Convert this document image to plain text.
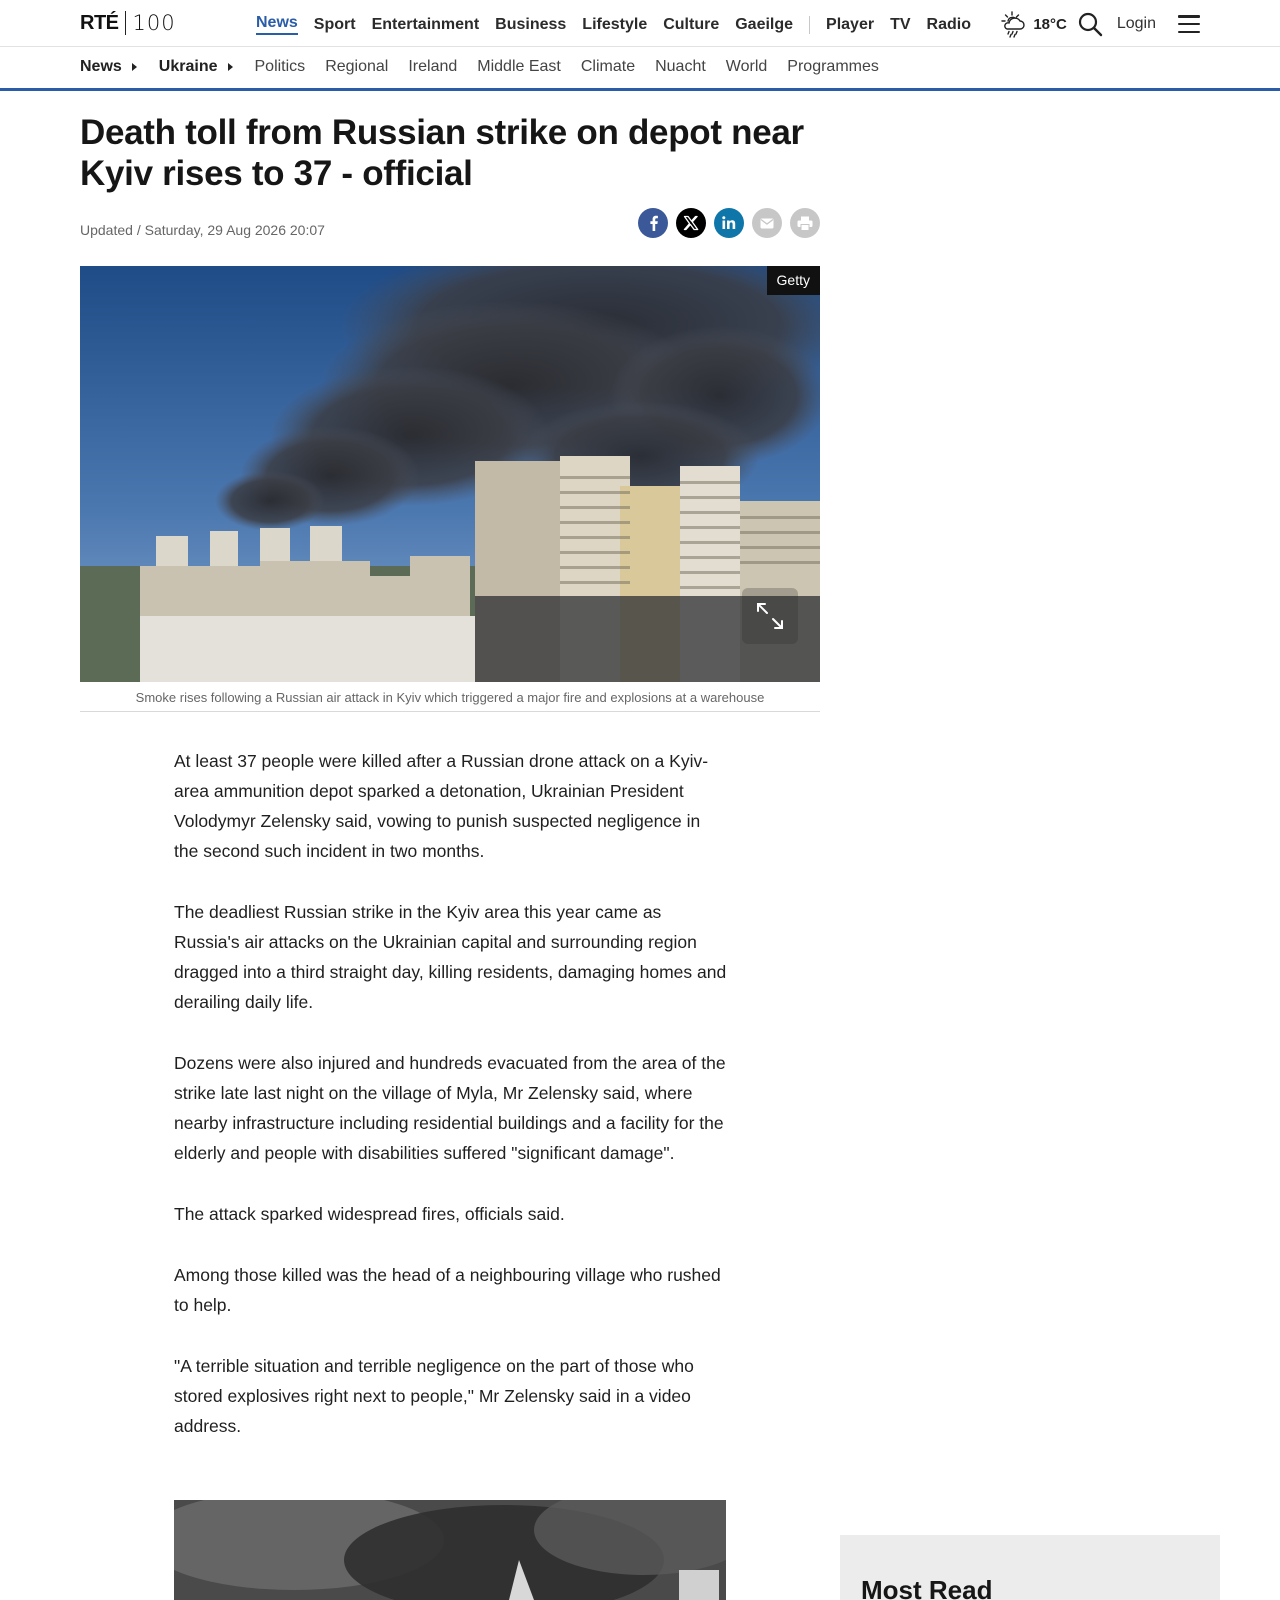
RTÉ 100	News Sport Entertainment Business Lifestyle Culture Gaeilge Player TV Radio	18°C	Login
News Ukraine Politics Regional Ireland Middle East Climate Nuacht World Programmes
Death toll from Russian strike on depot near Kyiv rises to 37 - official
Updated / Saturday, 29 Aug 2026 20:07
Getty
Smoke rises following a Russian air attack in Kyiv which triggered a major fire and explosions at a warehouse

At least 37 people were killed after a Russian drone attack on a Kyiv-area ammunition depot sparked a detonation, Ukrainian President Volodymyr Zelensky said, vowing to punish suspected negligence in the second such incident in two months.

The deadliest Russian strike in the Kyiv area this year came as Russia's air attacks on the Ukrainian capital and surrounding region dragged into a third straight day, killing residents, damaging homes and derailing daily life.

Dozens were also injured and hundreds evacuated from the area of the strike late last night on the village of Myla, Mr Zelensky said, where nearby infrastructure including residential buildings and a facility for the elderly and people with disabilities suffered "significant damage".

The attack sparked widespread fires, officials said.

Among those killed was the head of a neighbouring village who rushed to help.

"A terrible situation and terrible negligence on the part of those who stored explosives right next to people," Mr Zelensky said in a video address.

Most Read
